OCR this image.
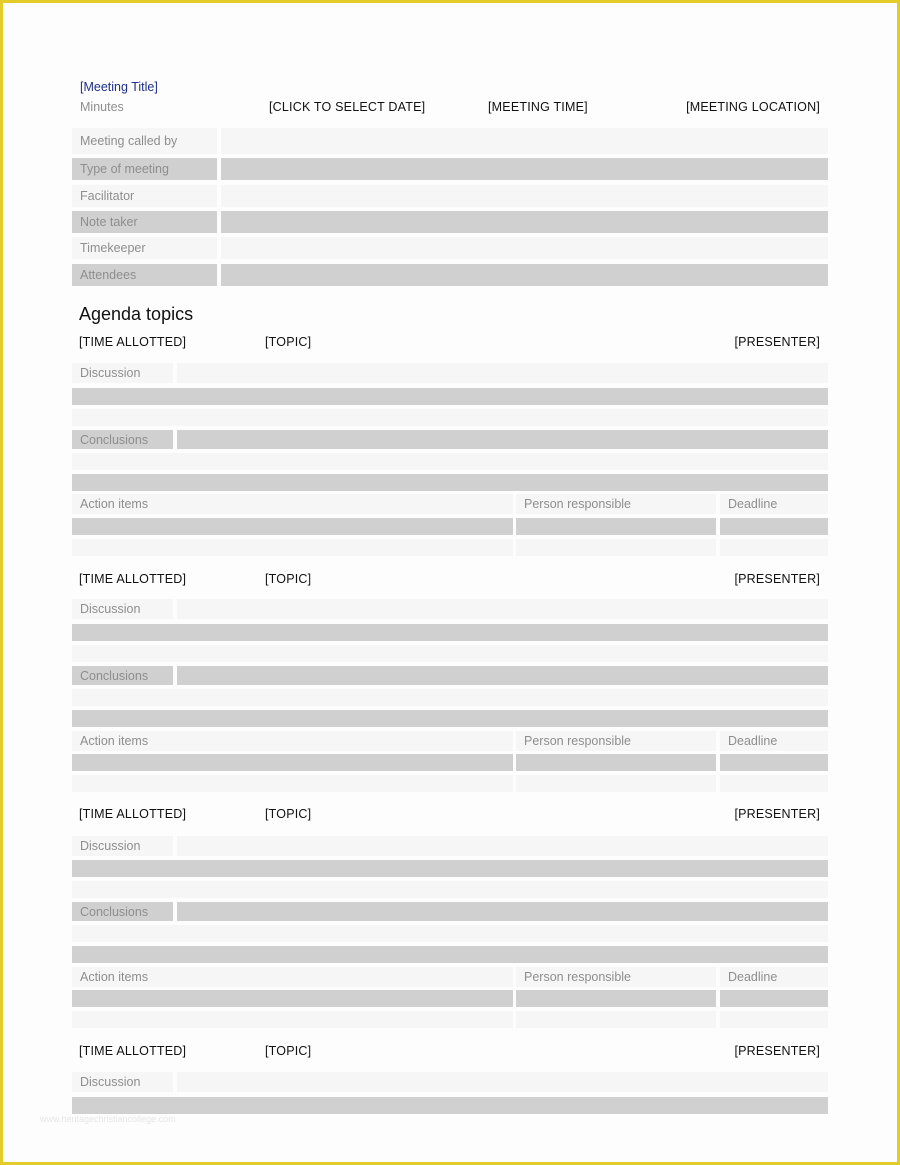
[Meeting Title]
Minutes	[CLICK TO SELECT DATE]	[MEETING TIME]	[MEETING LOCATION]
Meeting called by
Type of meeting
Facilitator
Note taker
Timekeeper
Attendees
Agenda topics
[TIME ALLOTTED]	[TOPIC]	[PRESENTER]
Discussion
Conclusions
Action items	Person responsible	Deadline
[TIME ALLOTTED]	[TOPIC]	[PRESENTER]
Discussion
Conclusions
Action items	Person responsible	Deadline
[TIME ALLOTTED]	[TOPIC]	[PRESENTER]
Discussion
Conclusions
Action items	Person responsible	Deadline
[TIME ALLOTTED]	[TOPIC]	[PRESENTER]
Discussion
www.heritagechristiancollege.com
